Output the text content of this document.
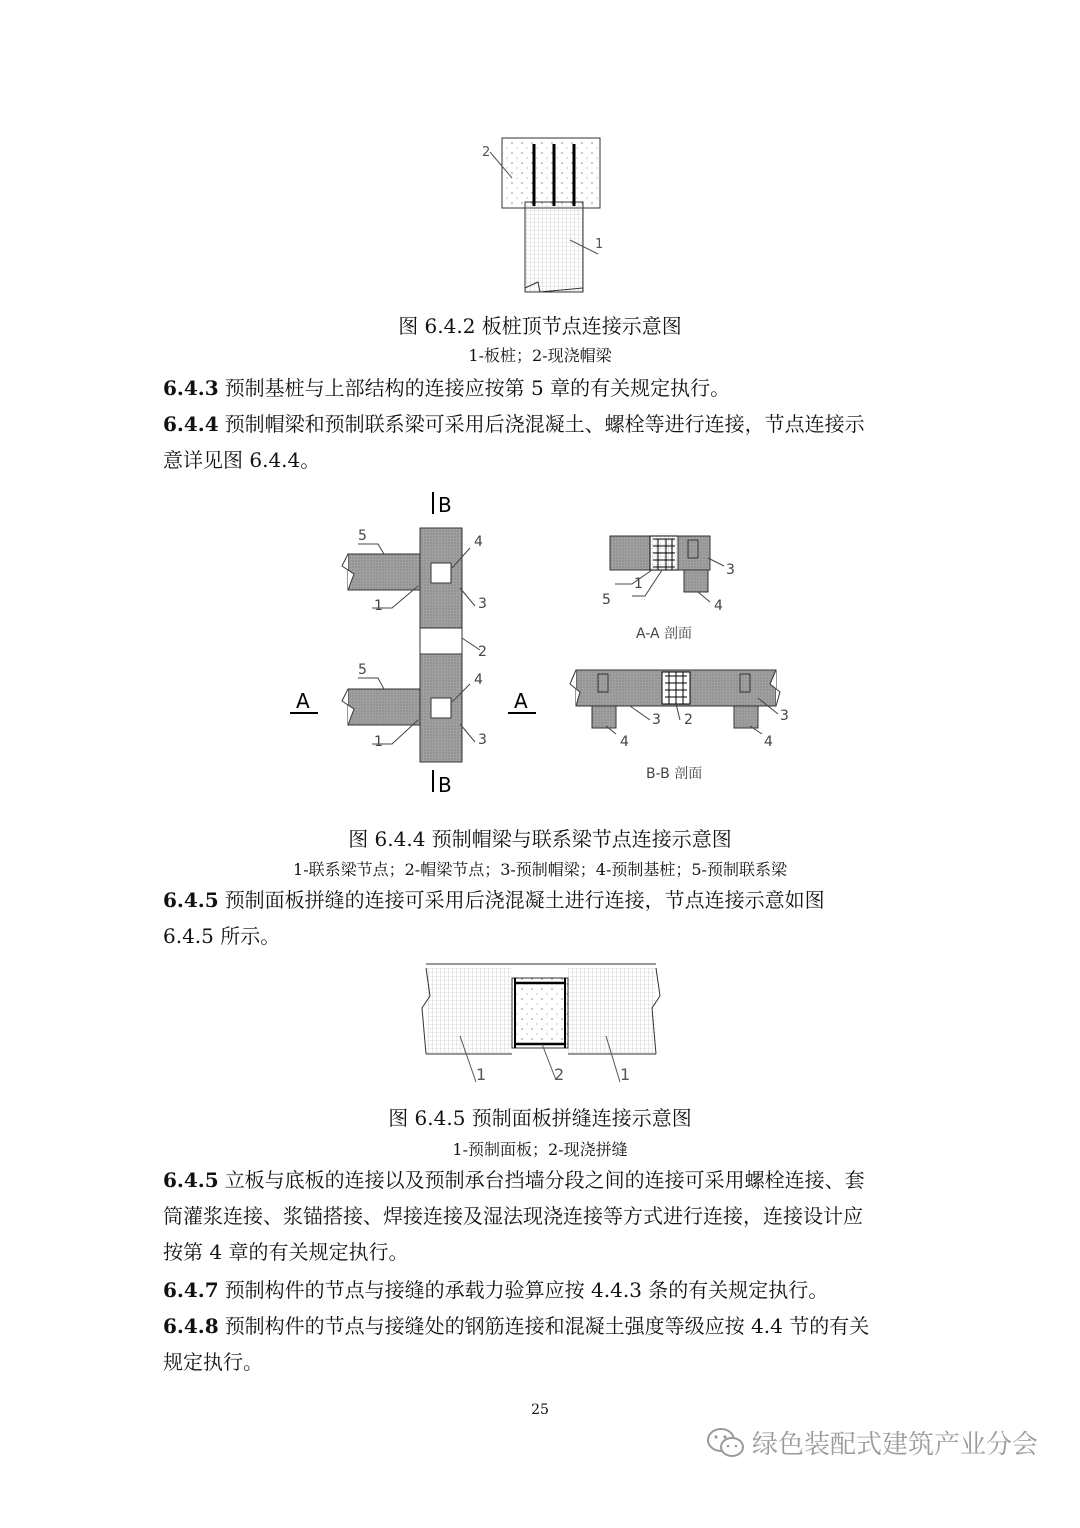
2
1
图 6.4.2 板桩顶节点连接示意图
1-板桩；2-现浇帽梁
6.4.3 预制基桩与上部结构的连接应按第 5 章的有关规定执行。
6.4.4 预制帽梁和预制联系梁可采用后浇混凝土、螺栓等进行连接，节点连接示
意详见图 6.4.4。
B
B
A	A
5
1
4
3
2
5
1
4
3
5
1
3
4
A-A 剖面
3 2
4
3
4
B-B 剖面
图 6.4.4 预制帽梁与联系梁节点连接示意图
1-联系梁节点；2-帽梁节点；3-预制帽梁；4-预制基桩；5-预制联系梁
6.4.5 预制面板拼缝的连接可采用后浇混凝土进行连接，节点连接示意如图
6.4.5 所示。
1	2	1
图 6.4.5 预制面板拼缝连接示意图
1-预制面板；2-现浇拼缝
6.4.5 立板与底板的连接以及预制承台挡墙分段之间的连接可采用螺栓连接、套
筒灌浆连接、浆锚搭接、焊接连接及湿法现浇连接等方式进行连接，连接设计应
按第 4 章的有关规定执行。
6.4.7 预制构件的节点与接缝的承载力验算应按 4.4.3 条的有关规定执行。
6.4.8 预制构件的节点与接缝处的钢筋连接和混凝土强度等级应按 4.4 节的有关
规定执行。
25
绿色装配式建筑产业分会
